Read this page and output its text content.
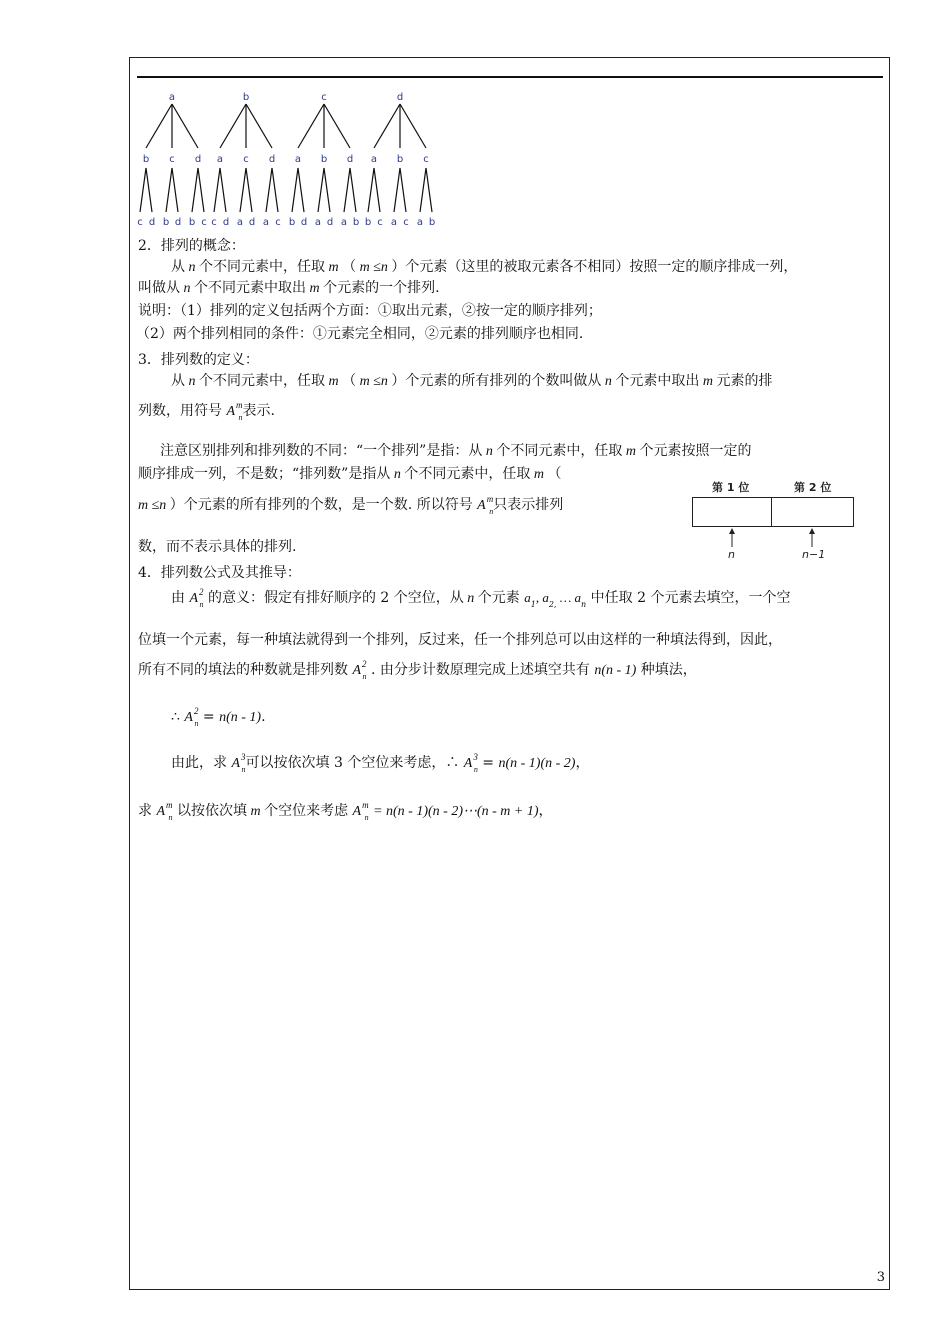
a	b	c	d
b
c d
c
b d
d
b c
a
c d
c
a d
d
a c
a
b d
b
a d
d
a b
a
b c
b
a c
c
a b
2．排列的概念：
从 n 个不同元素中，任取 m （ m ≤n ）个元素（这里的被取元素各不相同）按照一定的顺序排成一列，
叫做从 n 个不同元素中取出 m 个元素的一个排列.
说明：（1）排列的定义包括两个方面：①取出元素，②按一定的顺序排列；
（2）两个排列相同的条件：①元素完全相同，②元素的排列顺序也相同.
3．排列数的定义：
从 n 个不同元素中，任取 m （ m ≤n ）个元素的所有排列的个数叫做从 n 个元素中取出 m 元素的排
列数，用符号 $A^m_n$表示.
注意区别排列和排列数的不同：“一个排列”是指：从 n 个不同元素中，任取 m 个元素按照一定的
顺序排成一列，不是数；“排列数”是指从 n 个不同元素中，任取 m （
m ≤n ）个元素的所有排列的个数，是一个数. 所以符号 $A^m_n$只表示排列
数，而不表示具体的排列.
第 1 位	第 2 位
n	n−1
4．排列数公式及其推导：
由 $A^2_n$ 的意义：假定有排好顺序的 2 个空位，从 n 个元素 $a_1$, $a_{2,}$ … $a_n$ 中任取 2 个元素去填空，一个空
位填一个元素，每一种填法就得到一个排列，反过来，任一个排列总可以由这样的一种填法得到，因此，
所有不同的填法的种数就是排列数 $A^2_n$ . 由分步计数原理完成上述填空共有 n(n - 1) 种填法，
∴ $A^2_n = n(n - 1)$.
由此，求 $A^3_n$可以按依次填 3 个空位来考虑，∴ $A^3_n = n(n - 1)(n - 2)$，
求 $A^m_n$ 以按依次填 m 个空位来考虑 $A^m_n = n(n - 1)(n$ - 2)⋯(n - m + 1)，
3
